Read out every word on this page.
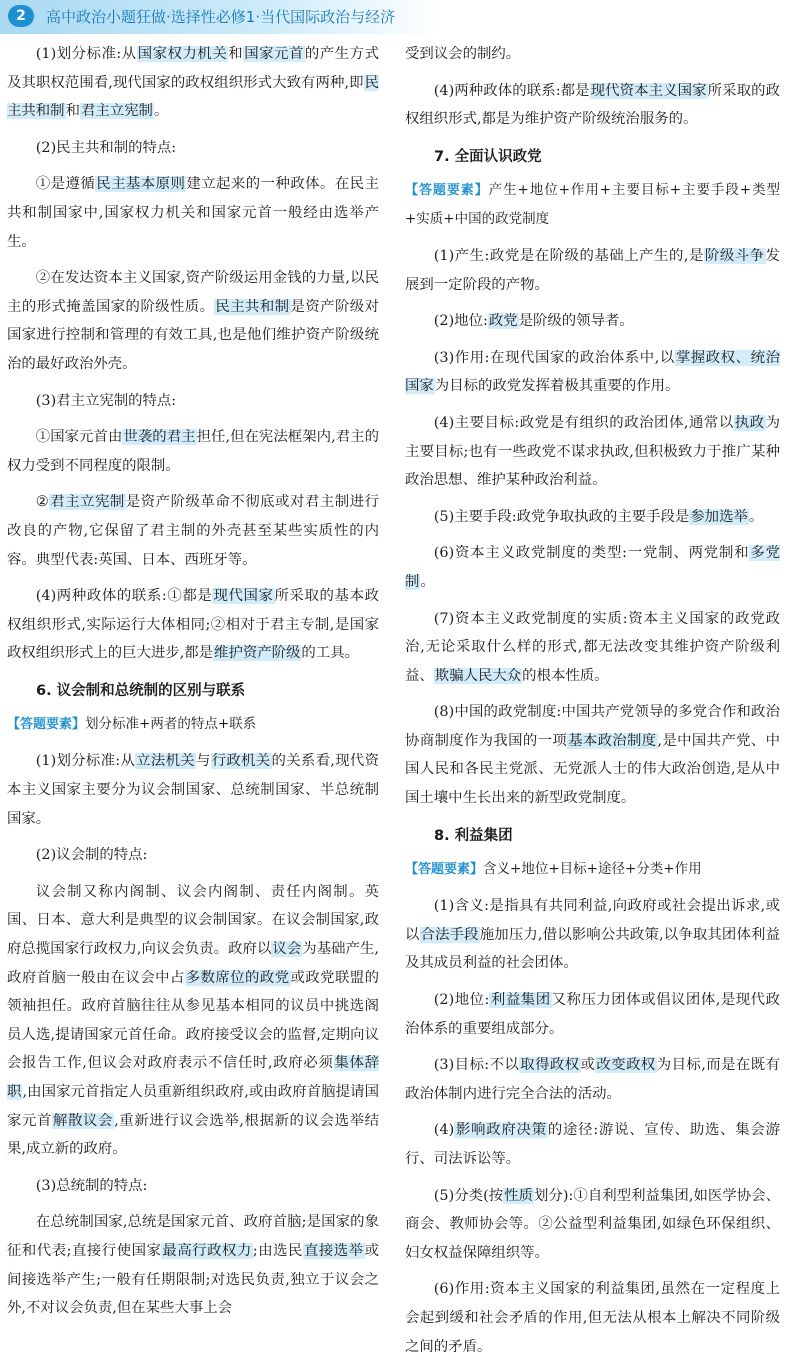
2	高中政治小题狂做·选择性必修1·当代国际政治与经济

(1)划分标准:从国家权力机关和国家元首的产生方式及其职权范围看,现代国家的政权组织形式大致有两种,即民主共和制和君主立宪制。

(2)民主共和制的特点:

①是遵循民主基本原则建立起来的一种政体。在民主共和制国家中,国家权力机关和国家元首一般经由选举产生。

②在发达资本主义国家,资产阶级运用金钱的力量,以民主的形式掩盖国家的阶级性质。民主共和制是资产阶级对国家进行控制和管理的有效工具,也是他们维护资产阶级统治的最好政治外壳。

(3)君主立宪制的特点:

①国家元首由世袭的君主担任,但在宪法框架内,君主的权力受到不同程度的限制。

②君主立宪制是资产阶级革命不彻底或对君主制进行改良的产物,它保留了君主制的外壳甚至某些实质性的内容。典型代表:英国、日本、西班牙等。

(4)两种政体的联系:①都是现代国家所采取的基本政权组织形式,实际运行大体相同;②相对于君主专制,是国家政权组织形式上的巨大进步,都是维护资产阶级的工具。

6. 议会制和总统制的区别与联系

【答题要素】划分标准+两者的特点+联系

(1)划分标准:从立法机关与行政机关的关系看,现代资本主义国家主要分为议会制国家、总统制国家、半总统制国家。

(2)议会制的特点:

议会制又称内阁制、议会内阁制、责任内阁制。英国、日本、意大利是典型的议会制国家。在议会制国家,政府总揽国家行政权力,向议会负责。政府以议会为基础产生,政府首脑一般由在议会中占多数席位的政党或政党联盟的领袖担任。政府首脑往往从参见基本相同的议员中挑选阁员人选,提请国家元首任命。政府接受议会的监督,定期向议会报告工作,但议会对政府表示不信任时,政府必须集体辞职,由国家元首指定人员重新组织政府,或由政府首脑提请国家元首解散议会,重新进行议会选举,根据新的议会选举结果,成立新的政府。

(3)总统制的特点:

在总统制国家,总统是国家元首、政府首脑;是国家的象征和代表;直接行使国家最高行政权力;由选民直接选举或间接选举产生;一般有任期限制;对选民负责,独立于议会之外,不对议会负责,但在某些大事上会

受到议会的制约。

(4)两种政体的联系:都是现代资本主义国家所采取的政权组织形式,都是为维护资产阶级统治服务的。

7. 全面认识政党

【答题要素】产生+地位+作用+主要目标+主要手段+类型+实质+中国的政党制度

(1)产生:政党是在阶级的基础上产生的,是阶级斗争发展到一定阶段的产物。

(2)地位:政党是阶级的领导者。

(3)作用:在现代国家的政治体系中,以掌握政权、统治国家为目标的政党发挥着极其重要的作用。

(4)主要目标:政党是有组织的政治团体,通常以执政为主要目标;也有一些政党不谋求执政,但积极致力于推广某种政治思想、维护某种政治利益。

(5)主要手段:政党争取执政的主要手段是参加选举。

(6)资本主义政党制度的类型:一党制、两党制和多党制。

(7)资本主义政党制度的实质:资本主义国家的政党政治,无论采取什么样的形式,都无法改变其维护资产阶级利益、欺骗人民大众的根本性质。

(8)中国的政党制度:中国共产党领导的多党合作和政治协商制度作为我国的一项基本政治制度,是中国共产党、中国人民和各民主党派、无党派人士的伟大政治创造,是从中国土壤中生长出来的新型政党制度。

8. 利益集团

【答题要素】含义+地位+目标+途径+分类+作用

(1)含义:是指具有共同利益,向政府或社会提出诉求,或以合法手段施加压力,借以影响公共政策,以争取其团体利益及其成员利益的社会团体。

(2)地位:利益集团又称压力团体或倡议团体,是现代政治体系的重要组成部分。

(3)目标:不以取得政权或改变政权为目标,而是在既有政治体制内进行完全合法的活动。

(4)影响政府决策的途径:游说、宣传、助选、集会游行、司法诉讼等。

(5)分类(按性质划分):①自利型利益集团,如医学协会、商会、教师协会等。②公益型利益集团,如绿色环保组织、妇女权益保障组织等。

(6)作用:资本主义国家的利益集团,虽然在一定程度上会起到缓和社会矛盾的作用,但无法从根本上解决不同阶级之间的矛盾。
